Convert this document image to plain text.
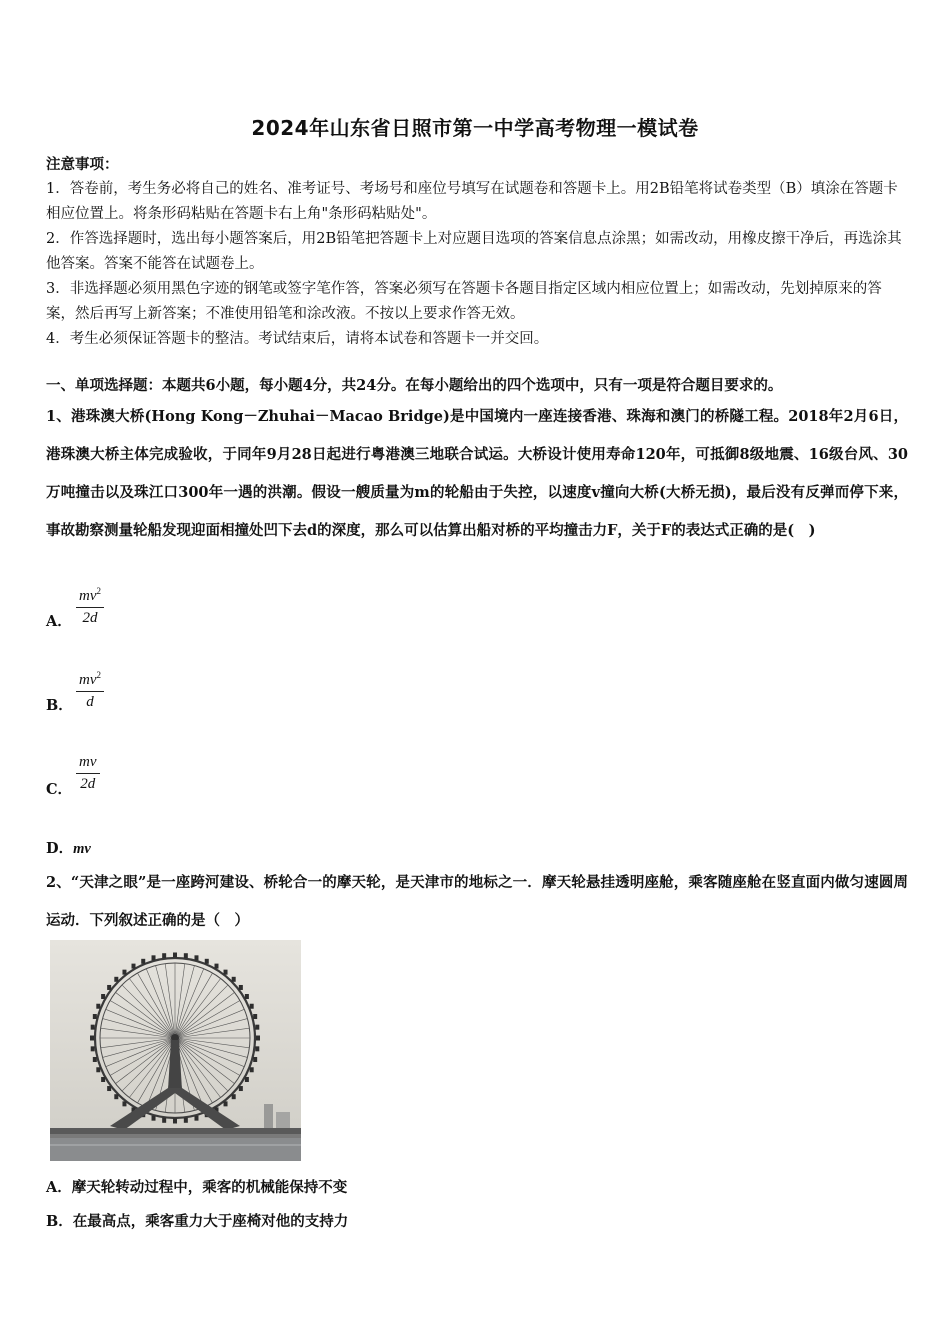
2024年山东省日照市第一中学高考物理一模试卷

注意事项：

1．答卷前，考生务必将自己的姓名、准考证号、考场号和座位号填写在试题卷和答题卡上。用2B铅笔将试卷类型（B）填涂在答题卡相应位置上。将条形码粘贴在答题卡右上角"条形码粘贴处"。

2．作答选择题时，选出每小题答案后，用2B铅笔把答题卡上对应题目选项的答案信息点涂黑；如需改动，用橡皮擦干净后，再选涂其他答案。答案不能答在试题卷上。

3．非选择题必须用黑色字迹的钢笔或签字笔作答，答案必须写在答题卡各题目指定区域内相应位置上；如需改动，先划掉原来的答案，然后再写上新答案；不准使用铅笔和涂改液。不按以上要求作答无效。

4．考生必须保证答题卡的整洁。考试结束后，请将本试卷和答题卡一并交回。

一、单项选择题：本题共6小题，每小题4分，共24分。在每小题给出的四个选项中，只有一项是符合题目要求的。
1、港珠澳大桥(Hong Kong－Zhuhai－Macao Bridge)是中国境内一座连接香港、珠海和澳门的桥隧工程。2018年2月6日，港珠澳大桥主体完成验收，于同年9月28日起进行粤港澳三地联合试运。大桥设计使用寿命120年，可抵御8级地震、16级台风、30万吨撞击以及珠江口300年一遇的洪潮。假设一艘质量为m的轮船由于失控，以速度v撞向大桥(大桥无损)，最后没有反弹而停下来，事故勘察测量轮船发现迎面相撞处凹下去d的深度，那么可以估算出船对桥的平均撞击力F，关于F的表达式正确的是(　)
A．
$mv^2$
2d
B．
$mv^2$
d
C．
mv
2d
D．mv
2、“天津之眼”是一座跨河建设、桥轮合一的摩天轮，是天津市的地标之一．摩天轮悬挂透明座舱，乘客随座舱在竖直面内做匀速圆周运动．下列叙述正确的是（　）
A．摩天轮转动过程中，乘客的机械能保持不变
B．在最高点，乘客重力大于座椅对他的支持力
